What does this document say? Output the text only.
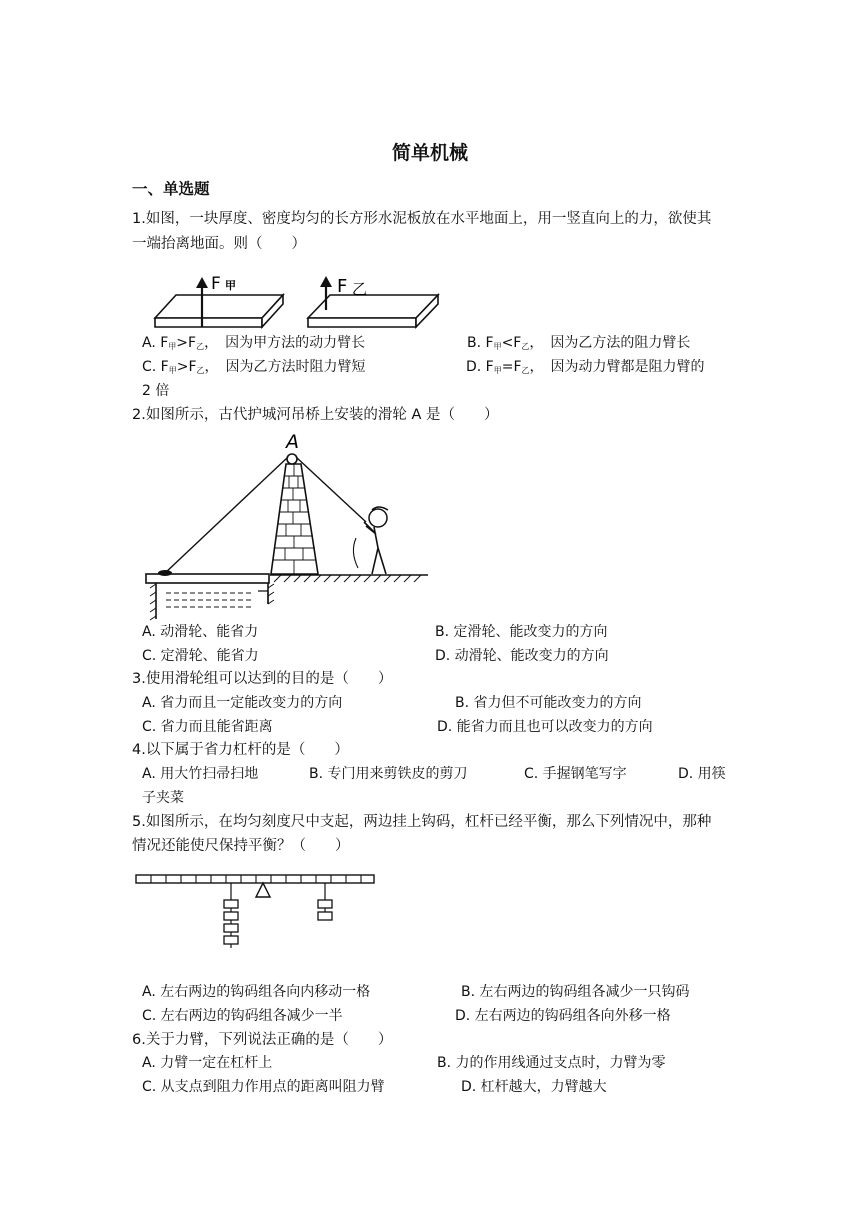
简单机械
一、单选题
1.如图，一块厚度、密度均匀的长方形水泥板放在水平地面上，用一竖直向上的力，欲使其
一端抬离地面。则（　　）
F 甲	F 乙
A. $F_甲>F_乙$，　因为甲方法的动力臂长	B. $F_甲<F_乙$，　因为乙方法的阻力臂长
C. $F_甲>F_乙$，　因为乙方法时阻力臂短	D. $F_甲=F_乙$，　因为动力臂都是阻力臂的
2 倍
2.如图所示，古代护城河吊桥上安装的滑轮 A 是（　　）
A
A. 动滑轮、能省力	B. 定滑轮、能改变力的方向
C. 定滑轮、能省力	D. 动滑轮、能改变力的方向
3.使用滑轮组可以达到的目的是（　　）
A. 省力而且一定能改变力的方向	B. 省力但不可能改变力的方向
C. 省力而且能省距离	D. 能省力而且也可以改变力的方向
4.以下属于省力杠杆的是（　　）
A. 用大竹扫帚扫地	B. 专门用来剪铁皮的剪刀	C. 手握钢笔写字	D. 用筷
子夹菜
5.如图所示，在均匀刻度尺中支起，两边挂上钩码，杠杆已经平衡，那么下列情况中，那种
情况还能使尺保持平衡？（　　）
A. 左右两边的钩码组各向内移动一格	B. 左右两边的钩码组各减少一只钩码
C. 左右两边的钩码组各减少一半	D. 左右两边的钩码组各向外移一格
6.关于力臂，下列说法正确的是（　　）
A. 力臂一定在杠杆上	B. 力的作用线通过支点时，力臂为零
C. 从支点到阻力作用点的距离叫阻力臂	D. 杠杆越大，力臂越大
